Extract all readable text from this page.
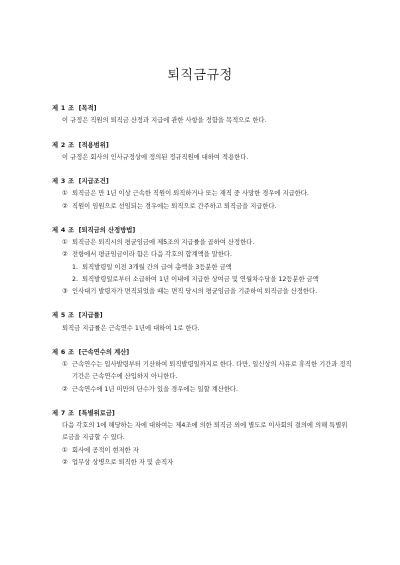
퇴직금규정

제 1 조 [목적]

이 규정은 직원의 퇴직금 산정과 지급에 관한 사항을 정함을 목적으로 한다.

제 2 조 [적용범위]

이 규정은 회사의 인사규정상에 정의된 정규직원에 대하여 적용한다.

제 3 조 [지급조건]

① 퇴직금은 만 1년 이상 근속한 직원이 퇴직하거나 또는 재직 중 사망한 경우에 지급한다.

② 직원이 임원으로 선임되는 경우에는 퇴직으로 간주하고 퇴직금을 지급한다.

제 4 조 [퇴직금의 산정방법]

① 퇴직금은 퇴직시의 평균임금에 제5조의 지급률을 곱하여 산정한다.

② 전항에서 평균임금이라 함은 다음 각호의 합계액을 말한다.

1. 퇴직발령일 이전 3개월 간의 급여 총액을 3등분한 금액

2. 퇴직발령일로부터 소급하여 1년 이내에 지급한 상여금 및 연월차수당을 12등분한 금액

③ 인사대기 발령자가 면직되었을 때는 면직 당시의 평균임금을 기준하여 퇴직금을 산정한다.

제 5 조 [지급률]

퇴직금 지급률은 근속연수 1년에 대하여 1로 한다.

제 6 조 [근속연수의 계산]

① 근속연수는 입사발령부터 기산하여 퇴직발령일까지로 한다. 다만, 일신상의 사유로 휴직한 기간과 정직기간은 근속연수에 산입하지 아니한다.

② 근속연수에 1년 미만의 단수가 있을 경우에는 일할 계산한다.

제 7 조 [특별위로금]

다음 각호의 1에 해당하는 자에 대하여는 제4조에 의한 퇴직금 외에 별도로 이사회의 결의에 의해 특별위로금을 지급할 수 있다.

① 회사에 공적이 현저한 자

② 업무상 상병으로 퇴직한 자 및 순직자
